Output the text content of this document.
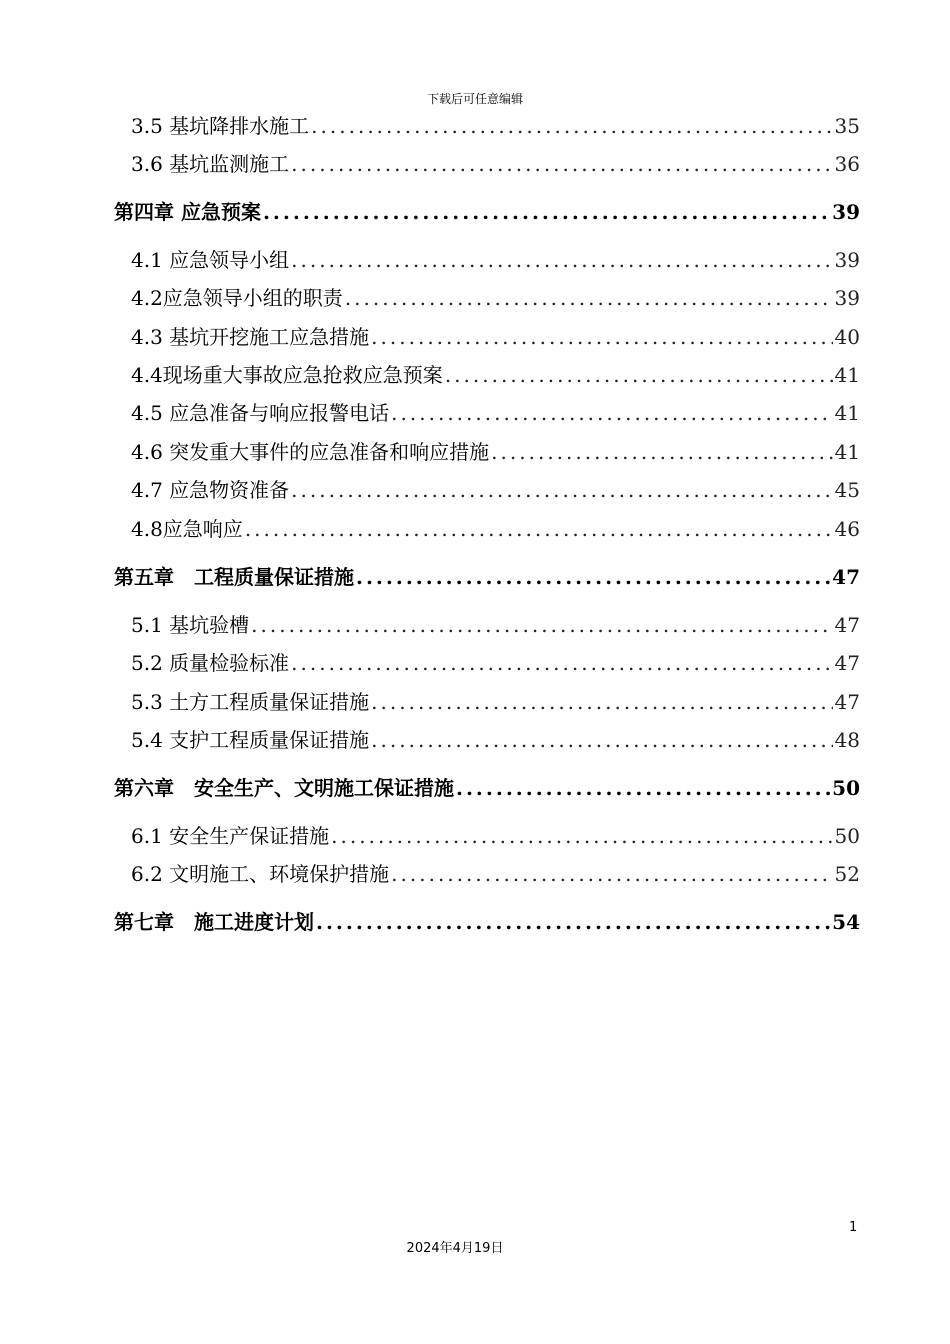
下载后可任意编辑
3.5 基坑降排水施工 .....	35
3.6 基坑监测施工 .....	36
第四章 应急预案 .....	39
4.1 应急领导小组 .....	39
4.2应急领导小组的职责 .....	39
4.3 基坑开挖施工应急措施 .....	40
4.4现场重大事故应急抢救应急预案 .....	41
4.5 应急准备与响应报警电话 .....	41
4.6 突发重大事件的应急准备和响应措施 .....	41
4.7 应急物资准备 .....	45
4.8应急响应 .....	46
第五章　工程质量保证措施 .....	47
5.1 基坑验槽 .....	47
5.2 质量检验标准 .....	47
5.3 土方工程质量保证措施 .....	47
5.4 支护工程质量保证措施 .....	48
第六章　安全生产、文明施工保证措施 .....	50
6.1 安全生产保证措施 .....	50
6.2 文明施工、环境保护措施 .....	52
第七章　施工进度计划 .....	54
1
2024年4月19日
